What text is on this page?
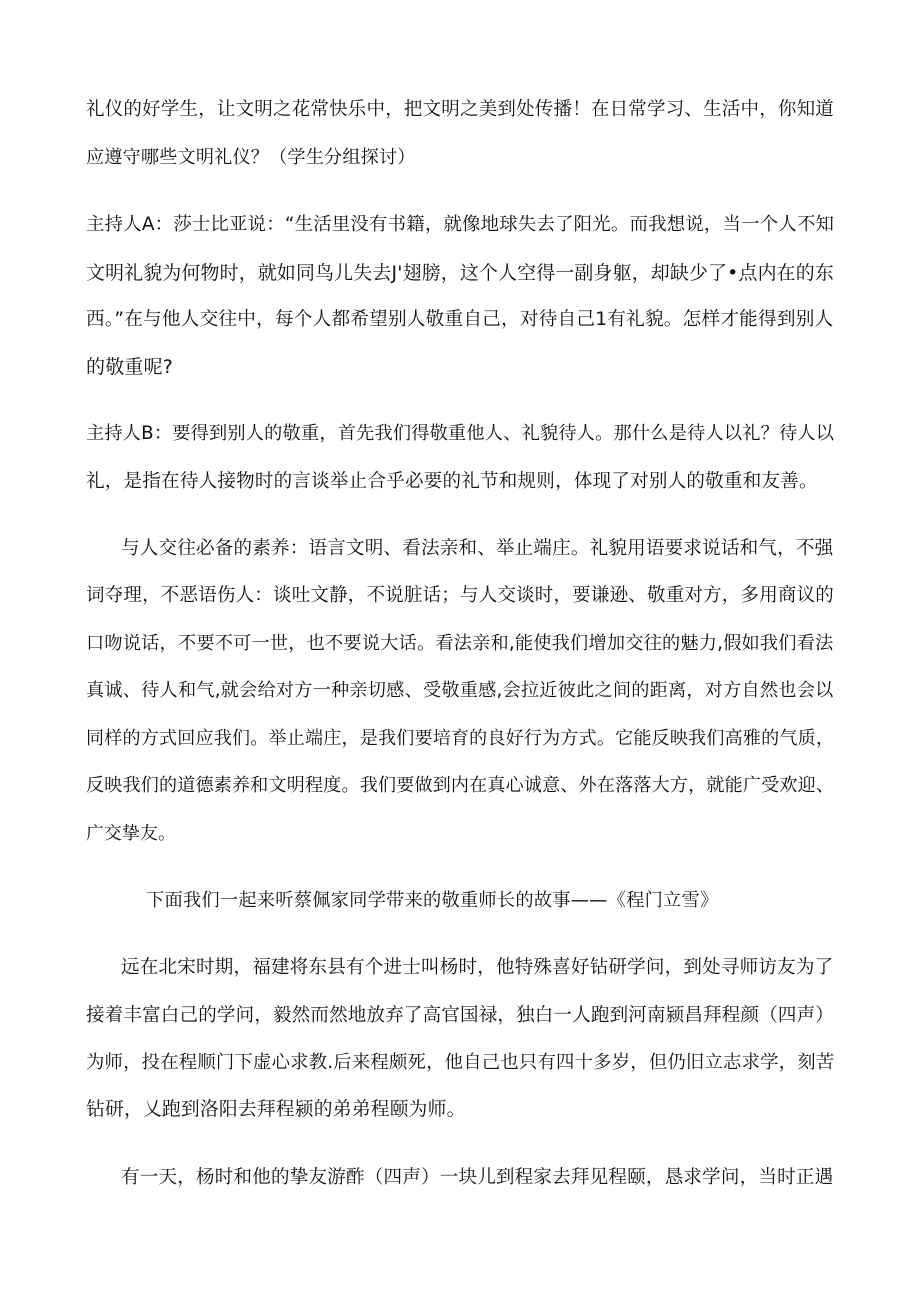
礼仪的好学生，让文明之花常快乐中，把文明之美到处传播！在日常学习、生活中，你知道
应遵守哪些文明礼仪？（学生分组探讨）
主持人A：莎士比亚说：“生活里没有书籍，就像地球失去了阳光。而我想说，当一个人不知
文明礼貌为何物时，就如同鸟儿失去J'翅膀，这个人空得一副身躯，却缺少了•点内在的东
西。”在与他人交往中，每个人都希望别人敬重自己，对待自己1有礼貌。怎样才能得到别人
的敬重呢?
主持人B：要得到别人的敬重，首先我们得敬重他人、礼貌待人。那什么是待人以礼？待人以
礼，是指在待人接物时的言谈举止合乎必要的礼节和规则，体现了对别人的敬重和友善。
与人交往必备的素养：语言文明、看法亲和、举止端庄。礼貌用语要求说话和气，不强
词夺理，不恶语伤人：谈吐文静，不说脏话；与人交谈时，要谦逊、敬重对方，多用商议的
口吻说话，不要不可一世，也不要说大话。看法亲和,能使我们增加交往的魅力,假如我们看法
真诚、待人和气,就会给对方一种亲切感、受敬重感,会拉近彼此之间的距离，对方自然也会以
同样的方式回应我们。举止端庄，是我们要培育的良好行为方式。它能反映我们高雅的气质，
反映我们的道德素养和文明程度。我们要做到内在真心诚意、外在落落大方，就能广受欢迎、
广交挚友。
下面我们一起来听蔡佩家同学带来的敬重师长的故事——《程门立雪》
远在北宋时期，福建将东县有个进士叫杨时，他特殊喜好钻研学问，到处寻师访友为了
接着丰富白己的学问，毅然而然地放弃了高官国禄，独白一人跑到河南颍昌拜程颜（四声）
为师，投在程顺门下虚心求教.后来程颇死，他自己也只有四十多岁，但仍旧立志求学，刻苦
钻研，乂跑到洛阳去拜程颍的弟弟程颐为师。
有一天，杨时和他的挚友游酢（四声）一块儿到程家去拜见程颐，恳求学问，当时正遇
